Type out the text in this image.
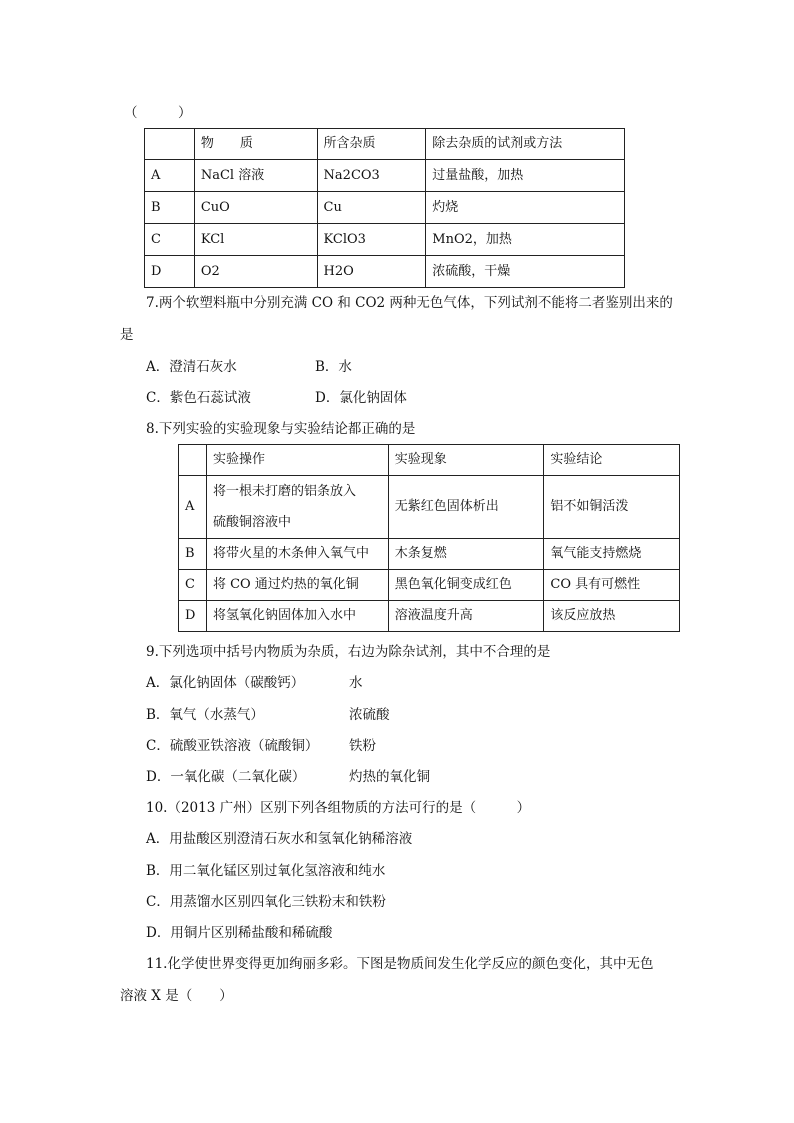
（　　　）
	物　　质	所含杂质	除去杂质的试剂或方法
A	NaCl 溶液	Na2CO3	过量盐酸，加热
B	CuO	Cu	灼烧
C	KCl	KClO3	MnO2，加热
D	O2	H2O	浓硫酸，干燥
7.两个软塑料瓶中分别充满 CO 和 CO2 两种无色气体，下列试剂不能将二者鉴别出来的
是
A．澄清石灰水	B．水
C．紫色石蕊试液	D．氯化钠固体
8.下列实验的实验现象与实验结论都正确的是
	实验操作	实验现象	实验结论
A	将一根未打磨的铝条放入
硫酸铜溶液中	无紫红色固体析出	铝不如铜活泼
B	将带火星的木条伸入氧气中	木条复燃	氧气能支持燃烧
C	将 CO 通过灼热的氧化铜	黑色氧化铜变成红色	CO 具有可燃性
D	将氢氧化钠固体加入水中	溶液温度升高	该反应放热
9.下列选项中括号内物质为杂质，右边为除杂试剂，其中不合理的是
A．氯化钠固体（碳酸钙）	水
B．氧气（水蒸气）	浓硫酸
C．硫酸亚铁溶液（硫酸铜） 铁粉
D．一氧化碳（二氧化碳）	灼热的氧化铜
10.（2013 广州）区别下列各组物质的方法可行的是（　　　）
A．用盐酸区别澄清石灰水和氢氧化钠稀溶液
B．用二氧化锰区别过氧化氢溶液和纯水
C．用蒸馏水区别四氧化三铁粉末和铁粉
D．用铜片区别稀盐酸和稀硫酸
11.化学使世界变得更加绚丽多彩。下图是物质间发生化学反应的颜色变化，其中无色
溶液 X 是（　　）
